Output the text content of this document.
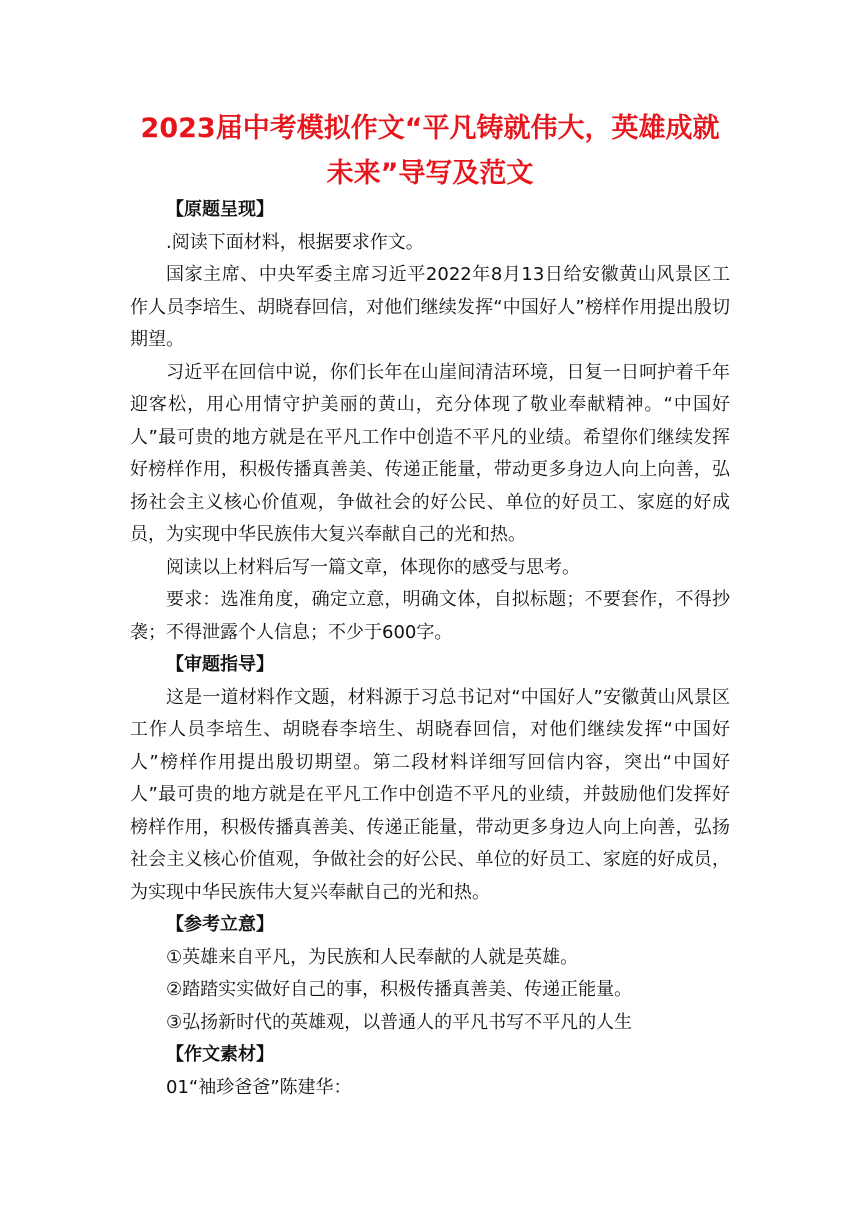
2023届中考模拟作文“平凡铸就伟大，英雄成就
未来”导写及范文

【原题呈现】

.阅读下面材料，根据要求作文。

国家主席、中央军委主席习近平2022年8月13日给安徽黄山风景区工作人员李培生、胡晓春回信，对他们继续发挥“中国好人”榜样作用提出殷切期望。

习近平在回信中说，你们长年在山崖间清洁环境，日复一日呵护着千年迎客松，用心用情守护美丽的黄山，充分体现了敬业奉献精神。“中国好人”最可贵的地方就是在平凡工作中创造不平凡的业绩。希望你们继续发挥好榜样作用，积极传播真善美、传递正能量，带动更多身边人向上向善，弘扬社会主义核心价值观，争做社会的好公民、单位的好员工、家庭的好成员，为实现中华民族伟大复兴奉献自己的光和热。

阅读以上材料后写一篇文章，体现你的感受与思考。

要求：选准角度，确定立意，明确文体，自拟标题；不要套作，不得抄袭；不得泄露个人信息；不少于600字。

【审题指导】

这是一道材料作文题，材料源于习总书记对“中国好人”安徽黄山风景区工作人员李培生、胡晓春李培生、胡晓春回信，对他们继续发挥“中国好人”榜样作用提出殷切期望。第二段材料详细写回信内容，突出“中国好人”最可贵的地方就是在平凡工作中创造不平凡的业绩，并鼓励他们发挥好榜样作用，积极传播真善美、传递正能量，带动更多身边人向上向善，弘扬社会主义核心价值观，争做社会的好公民、单位的好员工、家庭的好成员，为实现中华民族伟大复兴奉献自己的光和热。

【参考立意】

①英雄来自平凡，为民族和人民奉献的人就是英雄。

②踏踏实实做好自己的事，积极传播真善美、传递正能量。

③弘扬新时代的英雄观，以普通人的平凡书写不平凡的人生

【作文素材】

01“袖珍爸爸”陈建华：
